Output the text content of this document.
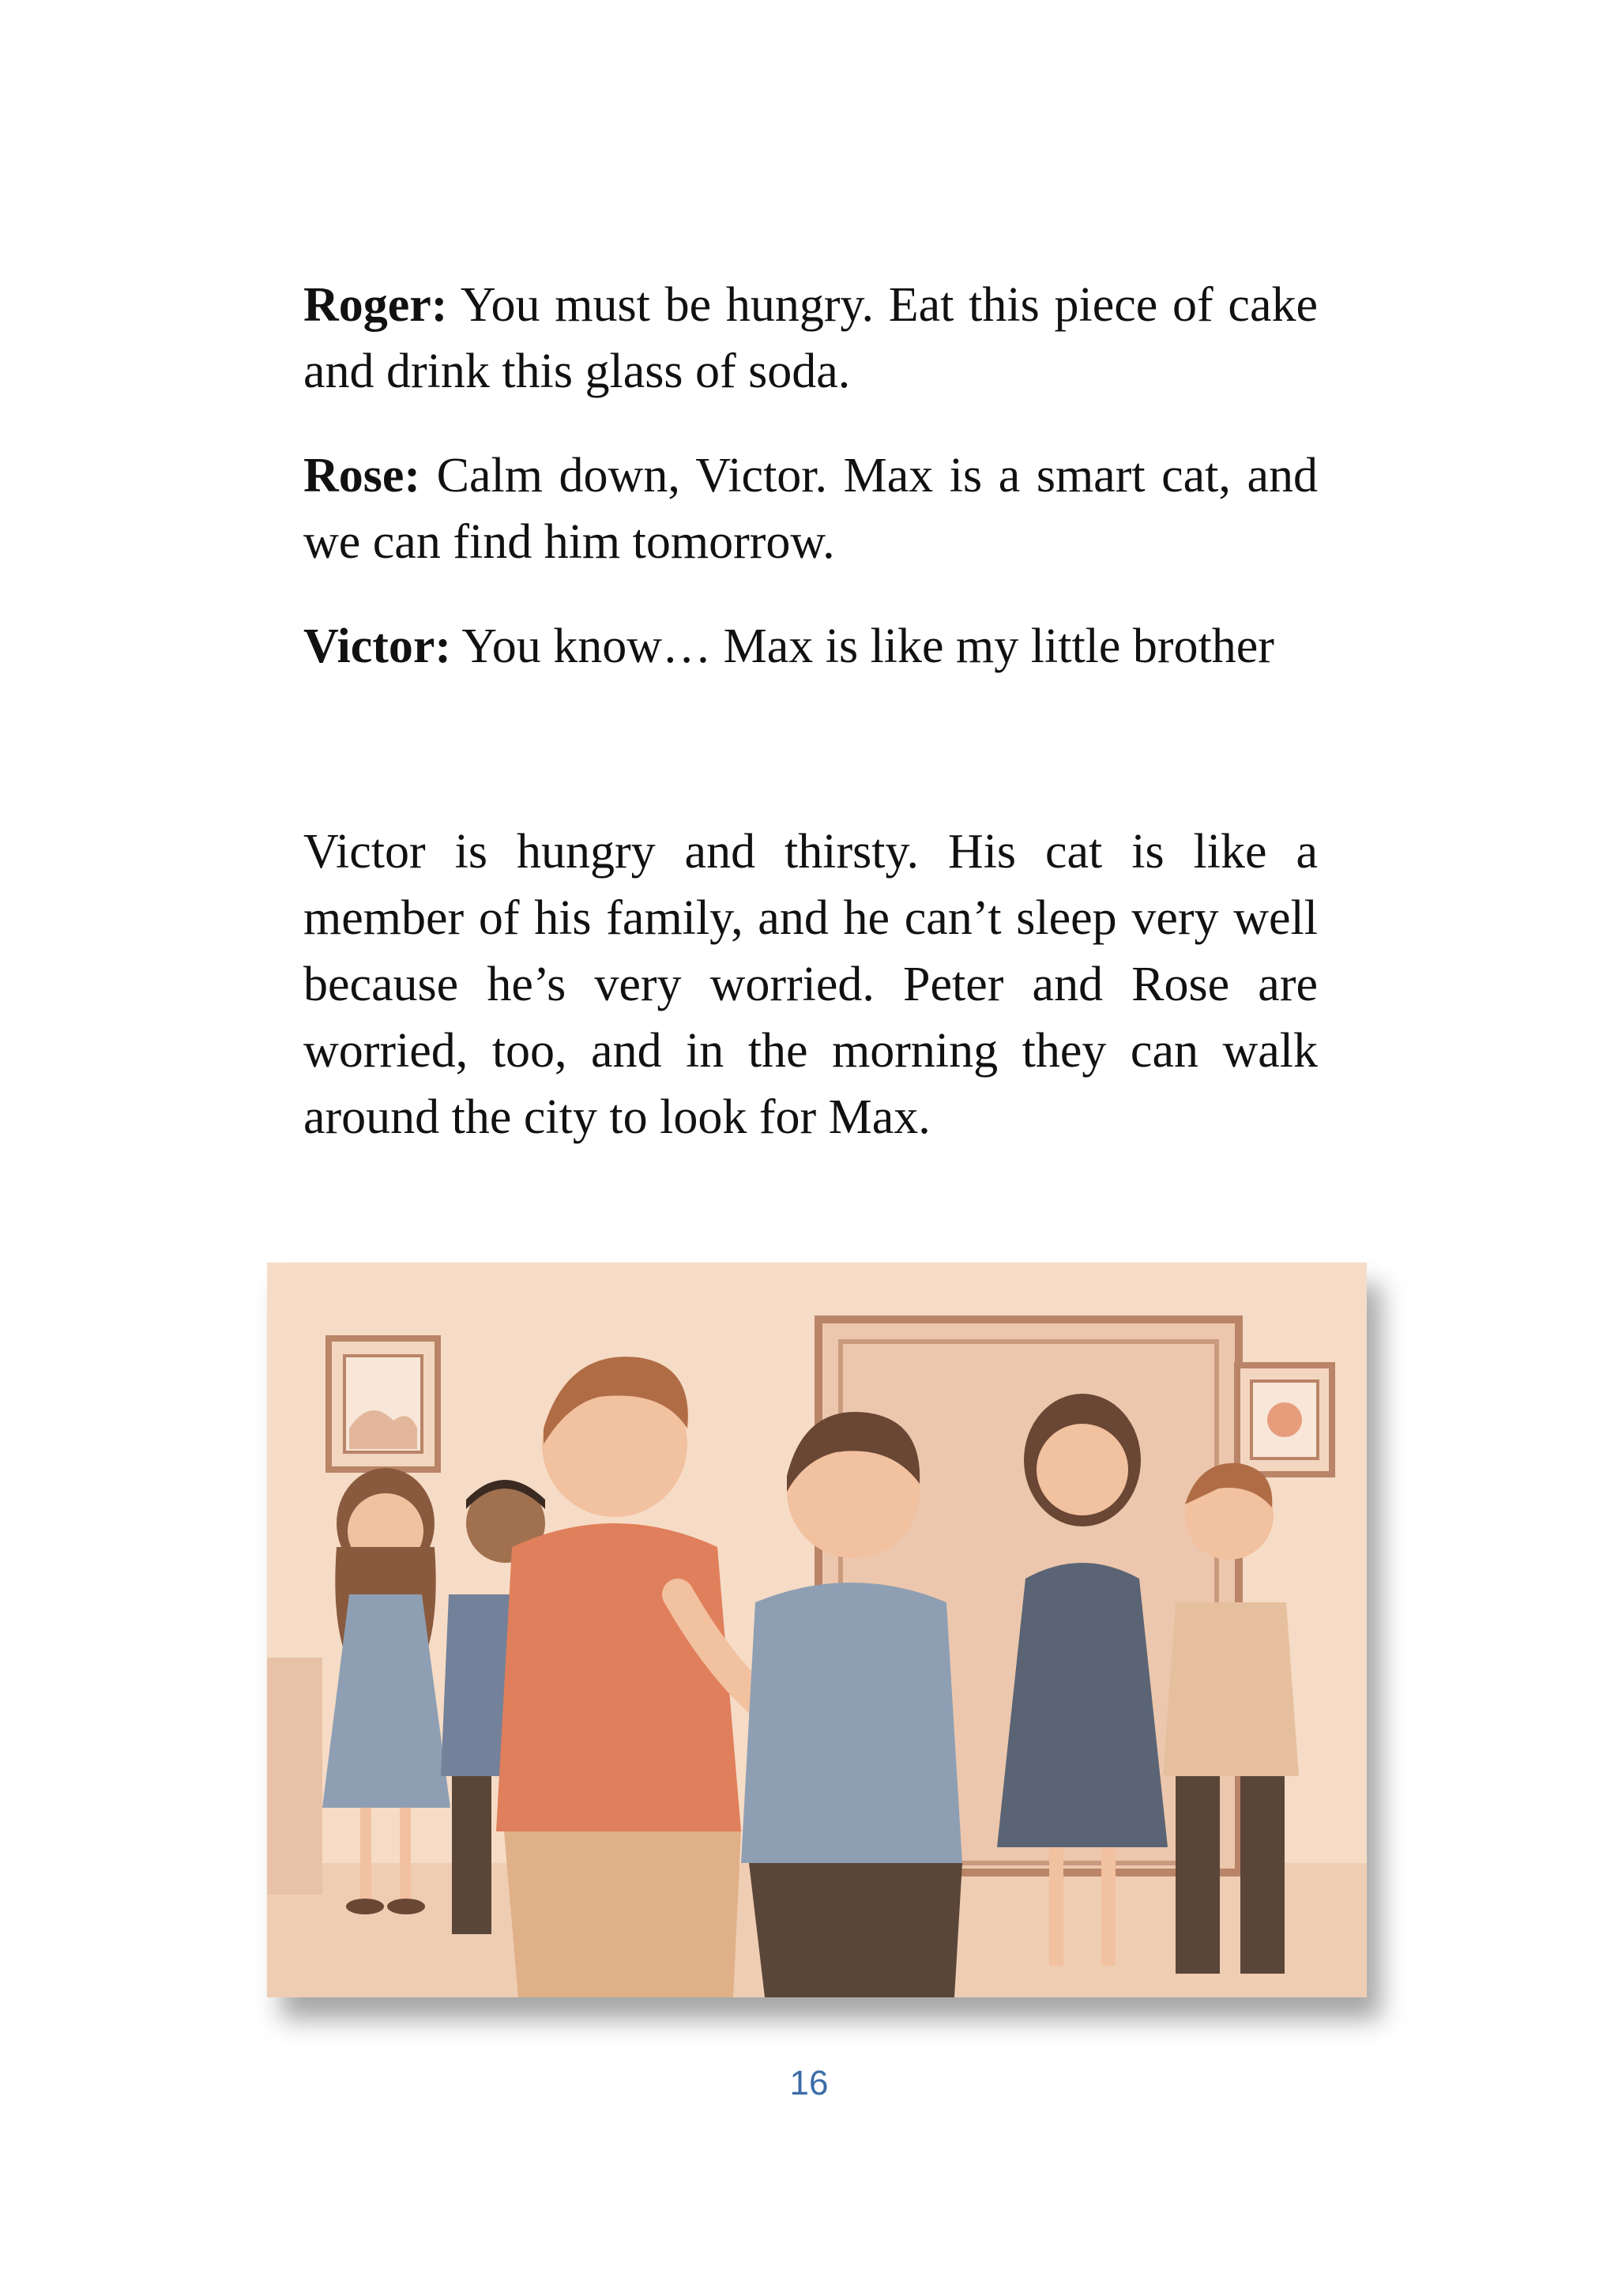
Roger: You must be hungry. Eat this piece of cake and drink this glass of soda.

Rose: Calm down, Victor. Max is a smart cat, and we can find him tomorrow.

Victor: You know… Max is like my little brother

Victor is hungry and thirsty. His cat is like a member of his family, and he can’t sleep very well because he’s very worried. Peter and Rose are worried, too, and in the morning they can walk around the city to look for Max.

16
